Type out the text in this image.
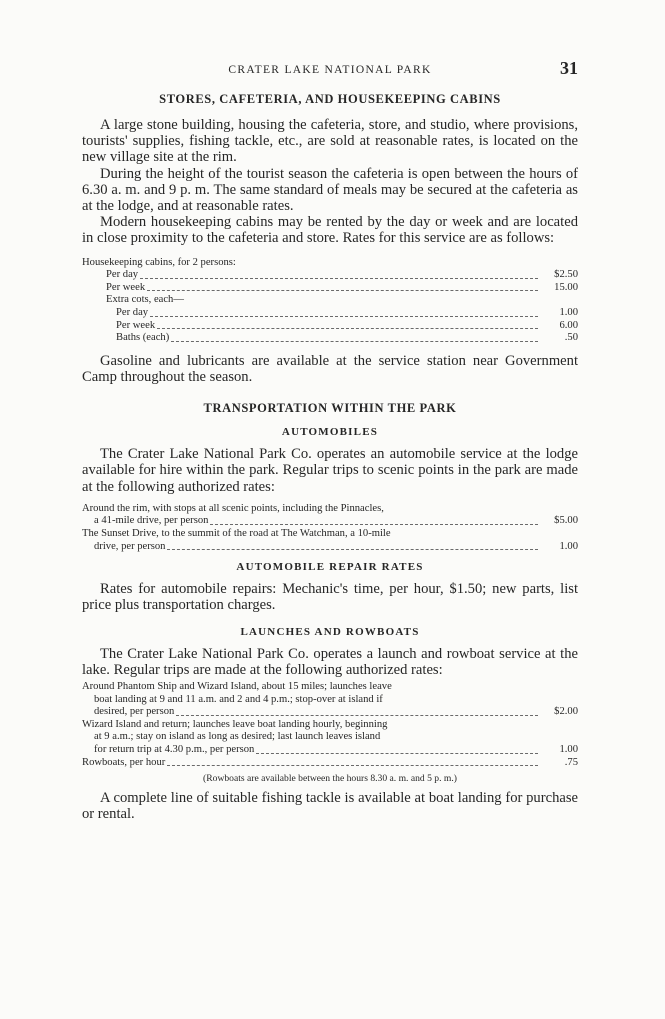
CRATER LAKE NATIONAL PARK	31
STORES, CAFETERIA, AND HOUSEKEEPING CABINS

A large stone building, housing the cafeteria, store, and studio, where provisions, tourists' supplies, fishing tackle, etc., are sold at reasonable rates, is located on the new village site at the rim.

During the height of the tourist season the cafeteria is open between the hours of 6.30 a. m. and 9 p. m. The same standard of meals may be secured at the cafeteria as at the lodge, and at reasonable rates.

Modern housekeeping cabins may be rented by the day or week and are located in close proximity to the cafeteria and store. Rates for this service are as follows:

Housekeeping cabins, for 2 persons:
Per day	$2.50
Per week	15.00
Extra cots, each—
Per day	1.00
Per week	6.00
Baths (each)	.50

Gasoline and lubricants are available at the service station near Government Camp throughout the season.

TRANSPORTATION WITHIN THE PARK
AUTOMOBILES

The Crater Lake National Park Co. operates an automobile service at the lodge available for hire within the park. Regular trips to scenic points in the park are made at the following authorized rates:

Around the rim, with stops at all scenic points, including the Pinnacles,
a 41-mile drive, per person	$5.00
The Sunset Drive, to the summit of the road at The Watchman, a 10-mile
drive, per person	1.00
AUTOMOBILE REPAIR RATES

Rates for automobile repairs: Mechanic's time, per hour, $1.50; new parts, list price plus transportation charges.

LAUNCHES AND ROWBOATS

The Crater Lake National Park Co. operates a launch and rowboat service at the lake. Regular trips are made at the following authorized rates:

Around Phantom Ship and Wizard Island, about 15 miles; launches leave
boat landing at 9 and 11 a.m. and 2 and 4 p.m.; stop-over at island if
desired, per person	$2.00
Wizard Island and return; launches leave boat landing hourly, beginning
at 9 a.m.; stay on island as long as desired; last launch leaves island
for return trip at 4.30 p.m., per person	1.00
Rowboats, per hour	.75
(Rowboats are available between the hours 8.30 a. m. and 5 p. m.)

A complete line of suitable fishing tackle is available at boat landing for purchase or rental.
